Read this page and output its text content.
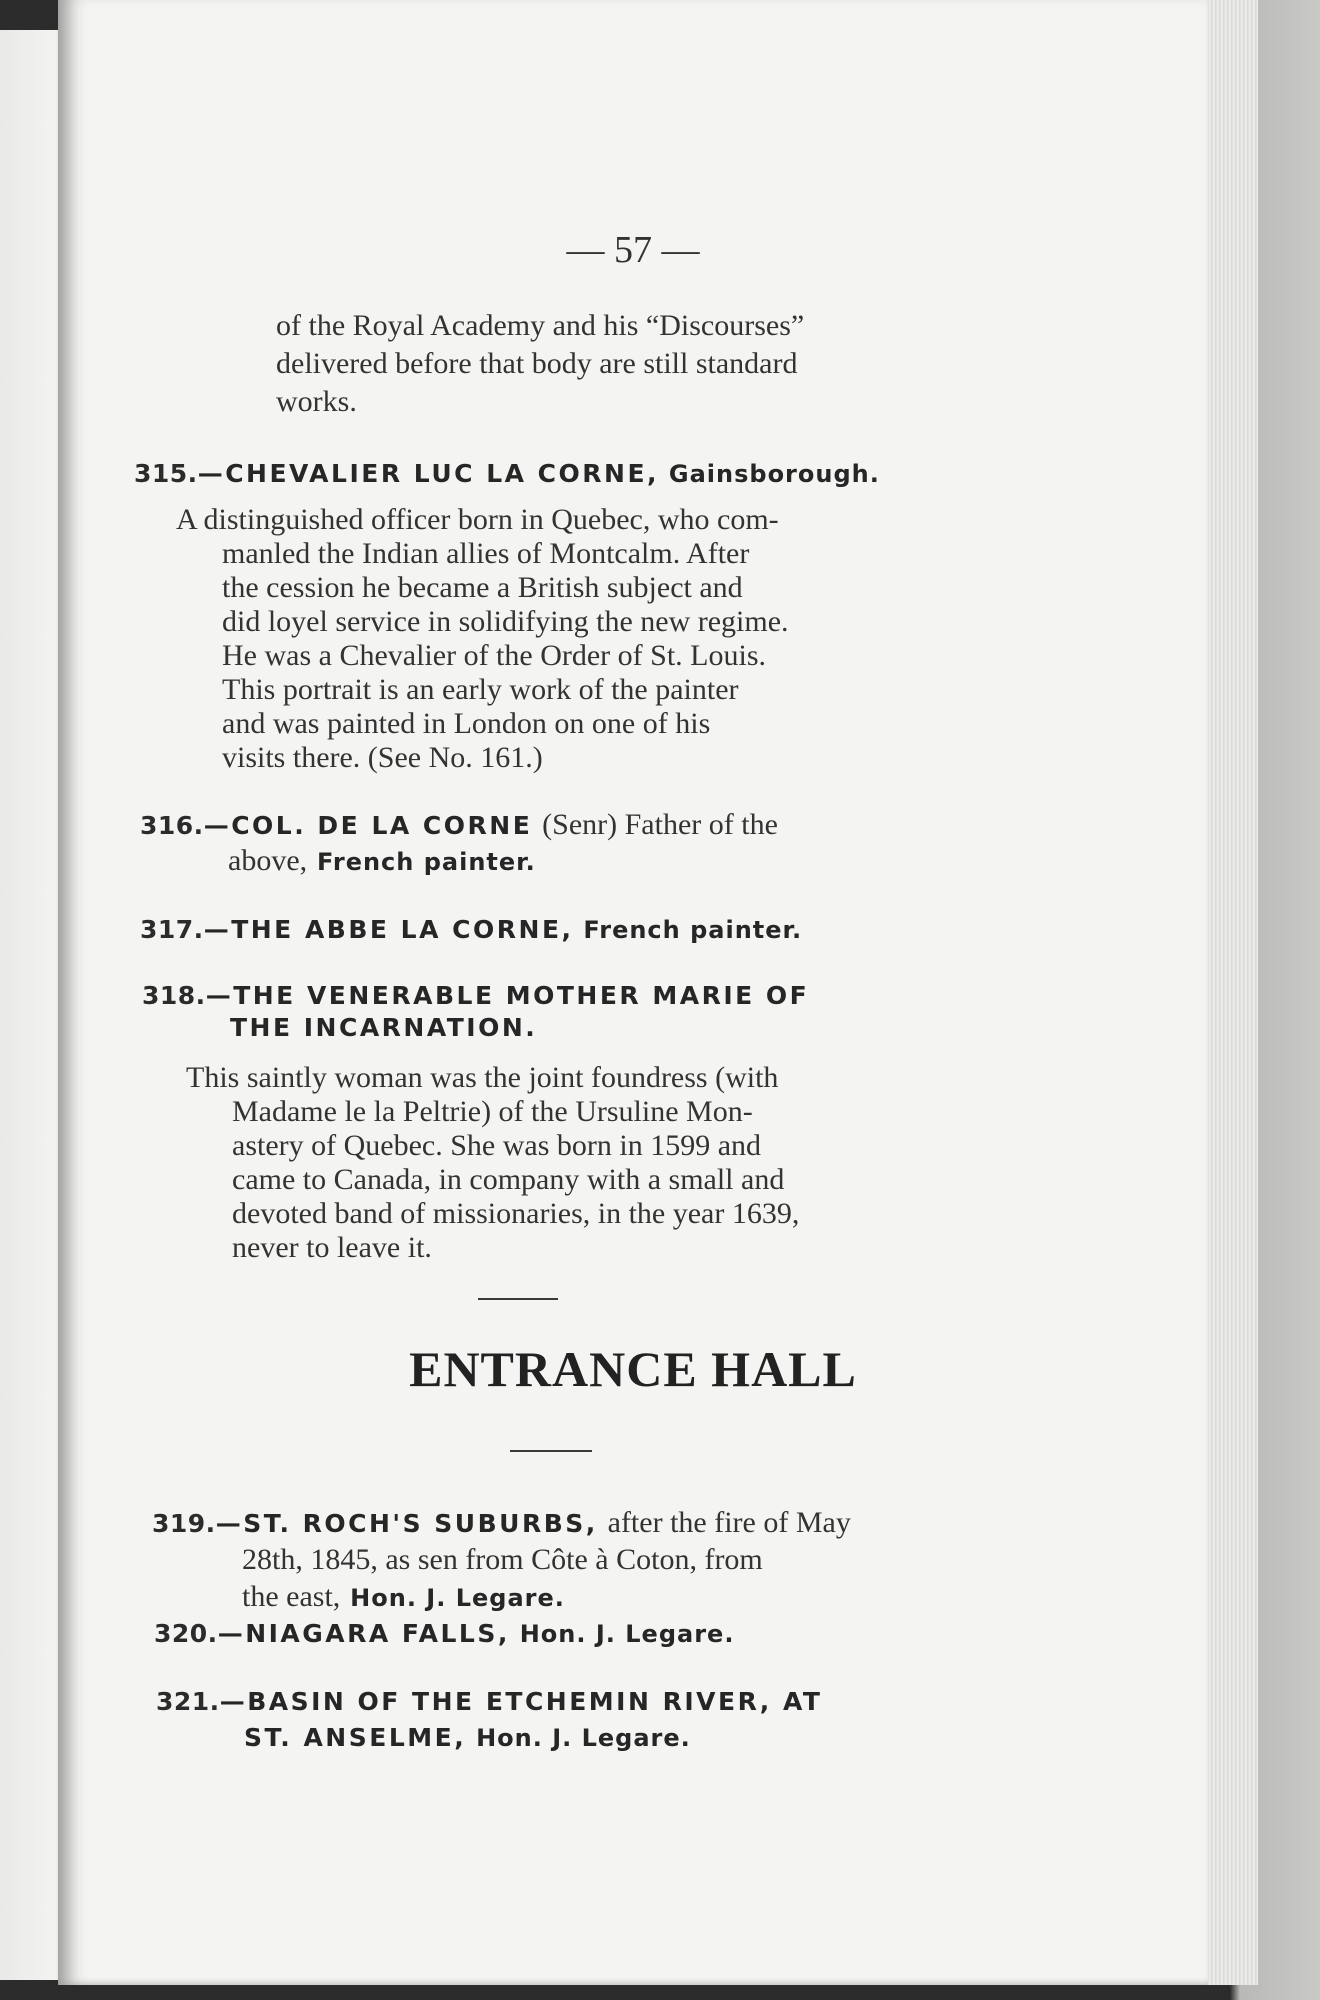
— 57 —
of the Royal Academy and his “Discourses”
delivered before that body are still standard
works.
315.—CHEVALIER LUC LA CORNE, Gainsborough.
A distinguished officer born in Quebec, who com-
manled the Indian allies of Montcalm. After
the cession he became a British subject and
did loyel service in solidifying the new regime.
He was a Chevalier of the Order of St. Louis.
This portrait is an early work of the painter
and was painted in London on one of his
visits there. (See No. 161.)
316.—COL. DE LA CORNE (Senr) Father of the
above, French painter.
317.—THE ABBE LA CORNE, French painter.
318.—THE VENERABLE MOTHER MARIE OF
THE INCARNATION.
This saintly woman was the joint foundress (with
Madame le la Peltrie) of the Ursuline Mon-
astery of Quebec. She was born in 1599 and
came to Canada, in company with a small and
devoted band of missionaries, in the year 1639,
never to leave it.
ENTRANCE HALL
319.—ST. ROCH'S SUBURBS, after the fire of May
28th, 1845, as sen from Côte à Coton, from
the east, Hon. J. Legare.
320.—NIAGARA FALLS, Hon. J. Legare.
321.—BASIN OF THE ETCHEMIN RIVER, AT
ST. ANSELME, Hon. J. Legare.
